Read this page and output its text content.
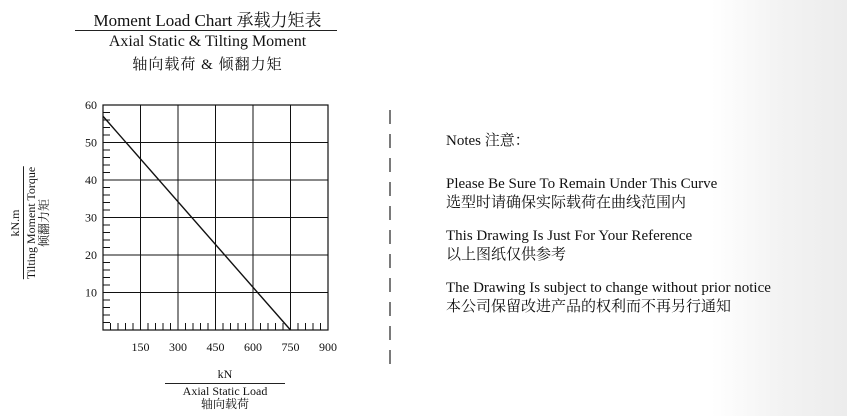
Moment Load Chart 承载力矩表
Axial Static & Tilting Moment
轴向载荷 & 倾翻力矩
kN.m Tilting Moment Torque 倾翻力矩
150 300 450 600 750 900
10
20
30
40
50
60
kN
Axial Static Load
轴向载荷
Notes 注意：
Please Be Sure To Remain Under This Curve
选型时请确保实际载荷在曲线范围内
This Drawing Is Just For Your Reference
以上图纸仅供参考
The Drawing Is subject to change without prior notice
本公司保留改进产品的权利而不再另行通知
